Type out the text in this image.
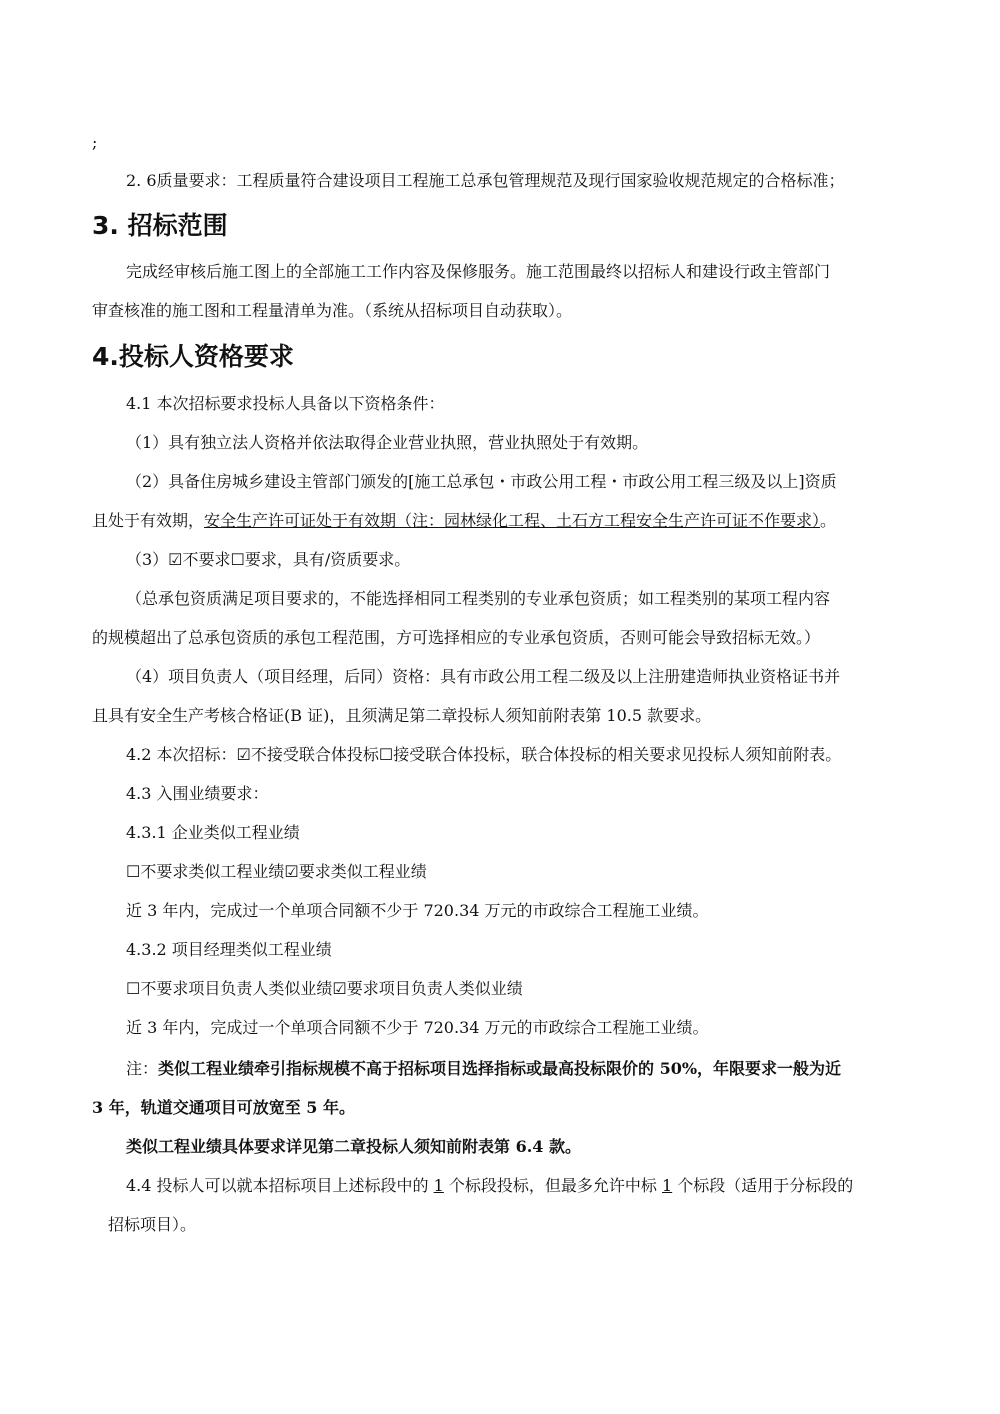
;
2. 6质量要求：工程质量符合建设项目工程施工总承包管理规范及现行国家验收规范规定的合格标准；
3. 招标范围
完成经审核后施工图上的全部施工工作内容及保修服务。施工范围最终以招标人和建设行政主管部门
审查核准的施工图和工程量清单为准。（系统从招标项目自动获取）。
4.投标人资格要求
4.1 本次招标要求投标人具备以下资格条件：
（1）具有独立法人资格并依法取得企业营业执照，营业执照处于有效期。
（2）具备住房城乡建设主管部门颁发的[施工总承包・市政公用工程・市政公用工程三级及以上]资质
且处于有效期，安全生产许可证处于有效期（注：园林绿化工程、土石方工程安全生产许可证不作要求）。
（3）☑不要求☐要求，具有/资质要求。
（总承包资质满足项目要求的，不能选择相同工程类别的专业承包资质；如工程类别的某项工程内容
的规模超出了总承包资质的承包工程范围，方可选择相应的专业承包资质，否则可能会导致招标无效。）
（4）项目负责人（项目经理，后同）资格：具有市政公用工程二级及以上注册建造师执业资格证书并
且具有安全生产考核合格证(B 证)，且须满足第二章投标人须知前附表第 10.5 款要求。
4.2 本次招标：☑不接受联合体投标☐接受联合体投标，联合体投标的相关要求见投标人须知前附表。
4.3 入围业绩要求：
4.3.1 企业类似工程业绩
☐不要求类似工程业绩☑要求类似工程业绩
近 3 年内，完成过一个单项合同额不少于 720.34 万元的市政综合工程施工业绩。
4.3.2 项目经理类似工程业绩
☐不要求项目负责人类似业绩☑要求项目负责人类似业绩
近 3 年内，完成过一个单项合同额不少于 720.34 万元的市政综合工程施工业绩。
注：类似工程业绩牵引指标规模不高于招标项目选择指标或最高投标限价的 50%，年限要求一般为近
3 年，轨道交通项目可放宽至 5 年。
类似工程业绩具体要求详见第二章投标人须知前附表第 6.4 款。
4.4 投标人可以就本招标项目上述标段中的 1 个标段投标，但最多允许中标 1 个标段（适用于分标段的
招标项目）。
